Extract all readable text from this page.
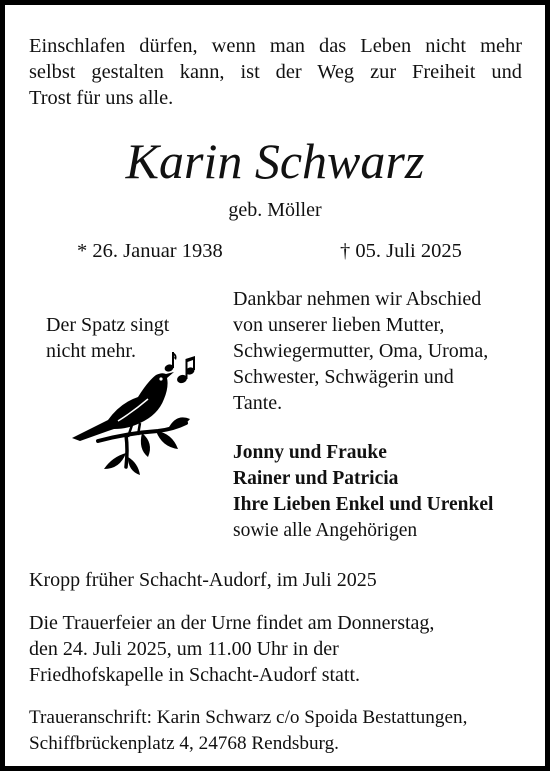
Einschlafen dürfen, wenn man das Leben nicht mehr
selbst gestalten kann, ist der Weg zur Freiheit und
Trost für uns alle.
Karin Schwarz
geb. Möller
* 26. Januar 1938	† 05. Juli 2025
Der Spatz singt
nicht mehr.
Dankbar nehmen wir Abschied
von unserer lieben Mutter,
Schwiegermutter, Oma, Uroma,
Schwester, Schwägerin und
Tante.
Jonny und Frauke
Rainer und Patricia
Ihre Lieben Enkel und Urenkel
sowie alle Angehörigen
Kropp früher Schacht-Audorf, im Juli 2025
Die Trauerfeier an der Urne findet am Donnerstag,
den 24. Juli 2025, um 11.00 Uhr in der
Friedhofskapelle in Schacht-Audorf statt.
Traueranschrift: Karin Schwarz c/o Spoida Bestattungen,
Schiffbrückenplatz 4, 24768 Rendsburg.
